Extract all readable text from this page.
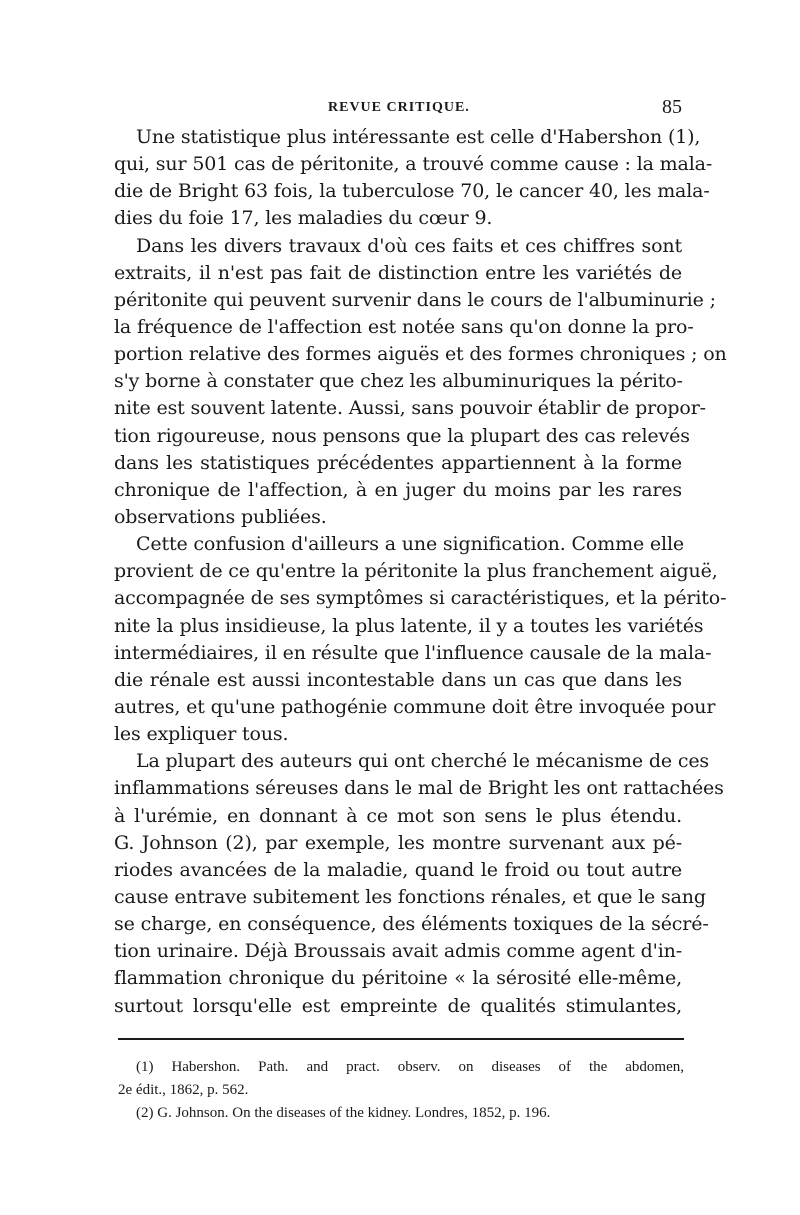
REVUE CRITIQUE.	85
Une statistique plus intéressante est celle d'Habershon (1),
qui, sur 501 cas de péritonite, a trouvé comme cause : la mala-
die de Bright 63 fois, la tuberculose 70, le cancer 40, les mala-
dies du foie 17, les maladies du cœur 9.
Dans les divers travaux d'où ces faits et ces chiffres sont
extraits, il n'est pas fait de distinction entre les variétés de
péritonite qui peuvent survenir dans le cours de l'albuminurie ;
la fréquence de l'affection est notée sans qu'on donne la pro-
portion relative des formes aiguës et des formes chroniques ; on
s'y borne à constater que chez les albuminuriques la périto-
nite est souvent latente. Aussi, sans pouvoir établir de propor-
tion rigoureuse, nous pensons que la plupart des cas relevés
dans les statistiques précédentes appartiennent à la forme
chronique de l'affection, à en juger du moins par les rares
observations publiées.
Cette confusion d'ailleurs a une signification. Comme elle
provient de ce qu'entre la péritonite la plus franchement aiguë,
accompagnée de ses symptômes si caractéristiques, et la périto-
nite la plus insidieuse, la plus latente, il y a toutes les variétés
intermédiaires, il en résulte que l'influence causale de la mala-
die rénale est aussi incontestable dans un cas que dans les
autres, et qu'une pathogénie commune doit être invoquée pour
les expliquer tous.
La plupart des auteurs qui ont cherché le mécanisme de ces
inflammations séreuses dans le mal de Bright les ont rattachées
à l'urémie, en donnant à ce mot son sens le plus étendu.
G. Johnson (2), par exemple, les montre survenant aux pé-
riodes avancées de la maladie, quand le froid ou tout autre
cause entrave subitement les fonctions rénales, et que le sang
se charge, en conséquence, des éléments toxiques de la sécré-
tion urinaire. Déjà Broussais avait admis comme agent d'in-
flammation chronique du péritoine « la sérosité elle-même,
surtout lorsqu'elle est empreinte de qualités stimulantes,
(1) Habershon. Path. and pract. observ. on diseases of the abdomen,
2e édit., 1862, p. 562.
(2) G. Johnson. On the diseases of the kidney. Londres, 1852, p. 196.
